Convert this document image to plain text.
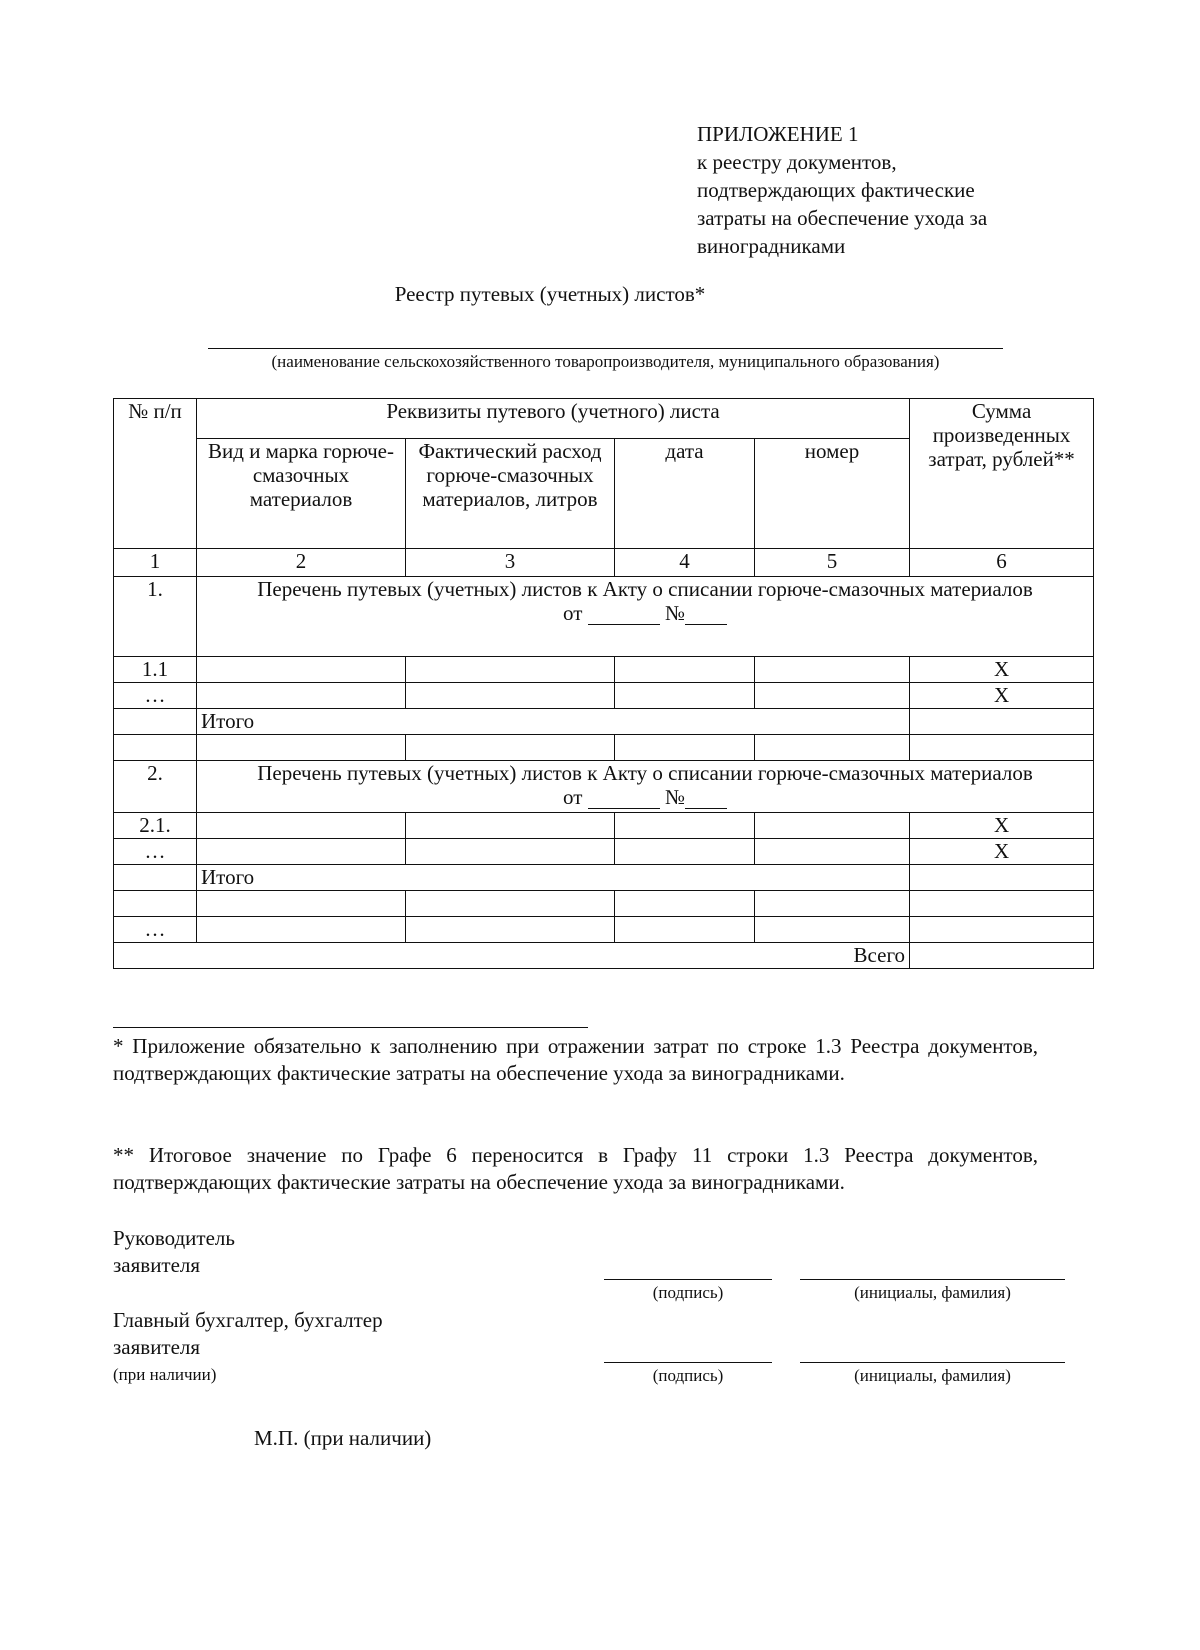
ПРИЛОЖЕНИЕ 1
к реестру документов,
подтверждающих фактические
затраты на обеспечение ухода за
виноградниками
Реестр путевых (учетных) листов*
(наименование сельскохозяйственного товаропроизводителя, муниципального образования)
№ п/п	Реквизиты путевого (учетного) листа				Сумма произведенных затрат, рублей**
	Вид и марка горюче-смазочных материалов	Фактический расход горюче-смазочных материалов, литров	дата	номер	
1	2	3	4	5	6
1.	Перечень путевых (учетных) листов к Акту о списании горюче-смазочных материалов
от №				

1.1					X
…					X
	Итого				

2.	Перечень путевых (учетных) листов к Акту о списании горюче-смазочных материалов
от №				

2.1.					X
…					X
	Итого				

…					
Всего					
* Приложение обязательно к заполнению при отражении затрат по строке 1.3 Реестра документов, подтверждающих фактические затраты на обеспечение ухода за виноградниками.
** Итоговое значение по Графе 6 переносится в Графу 11 строки 1.3 Реестра документов, подтверждающих фактические затраты на обеспечение ухода за виноградниками.
Руководитель
заявителя
(подпись)	(инициалы, фамилия)
Главный бухгалтер, бухгалтер
заявителя
(при наличии)	(подпись)	(инициалы, фамилия)
М.П. (при наличии)
